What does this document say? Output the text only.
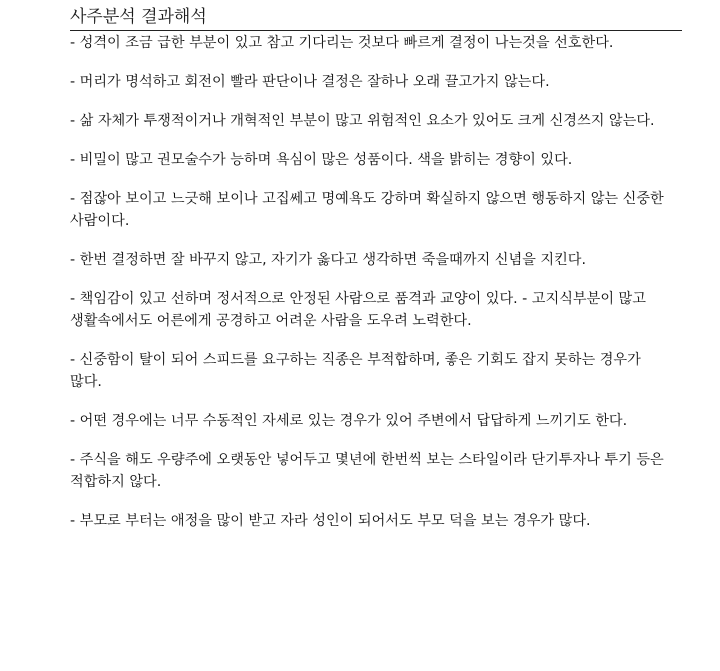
사주분석 결과해석
- 성격이 조금 급한 부분이 있고 참고 기다리는 것보다 빠르게 결정이 나는것을 선호한다.
- 머리가 명석하고 회전이 빨라 판단이나 결정은 잘하나 오래 끌고가지 않는다.
- 삶 자체가 투쟁적이거나 개혁적인 부분이 많고 위험적인 요소가 있어도 크게 신경쓰지 않는다.
- 비밀이 많고 권모술수가 능하며 욕심이 많은 성품이다. 색을 밝히는 경향이 있다.
- 점잖아 보이고 느긋해 보이나 고집쎄고 명예욕도 강하며 확실하지 않으면 행동하지 않는 신중한 사람이다.
- 한번 결정하면 잘 바꾸지 않고, 자기가 옳다고 생각하면 죽을때까지 신념을 지킨다.
- 책임감이 있고 선하며 정서적으로 안정된 사람으로 품격과 교양이 있다. - 고지식부분이 많고 생활속에서도 어른에게 공경하고 어려운 사람을 도우려 노력한다.
- 신중함이 탈이 되어 스피드를 요구하는 직종은 부적합하며, 좋은 기회도 잡지 못하는 경우가 많다.
- 어떤 경우에는 너무 수동적인 자세로 있는 경우가 있어 주변에서 답답하게 느끼기도 한다.
- 주식을 해도 우량주에 오랫동안 넣어두고 몇년에 한번씩 보는 스타일이라 단기투자나 투기 등은 적합하지 않다.
- 부모로 부터는 애정을 많이 받고 자라 성인이 되어서도 부모 덕을 보는 경우가 많다.
